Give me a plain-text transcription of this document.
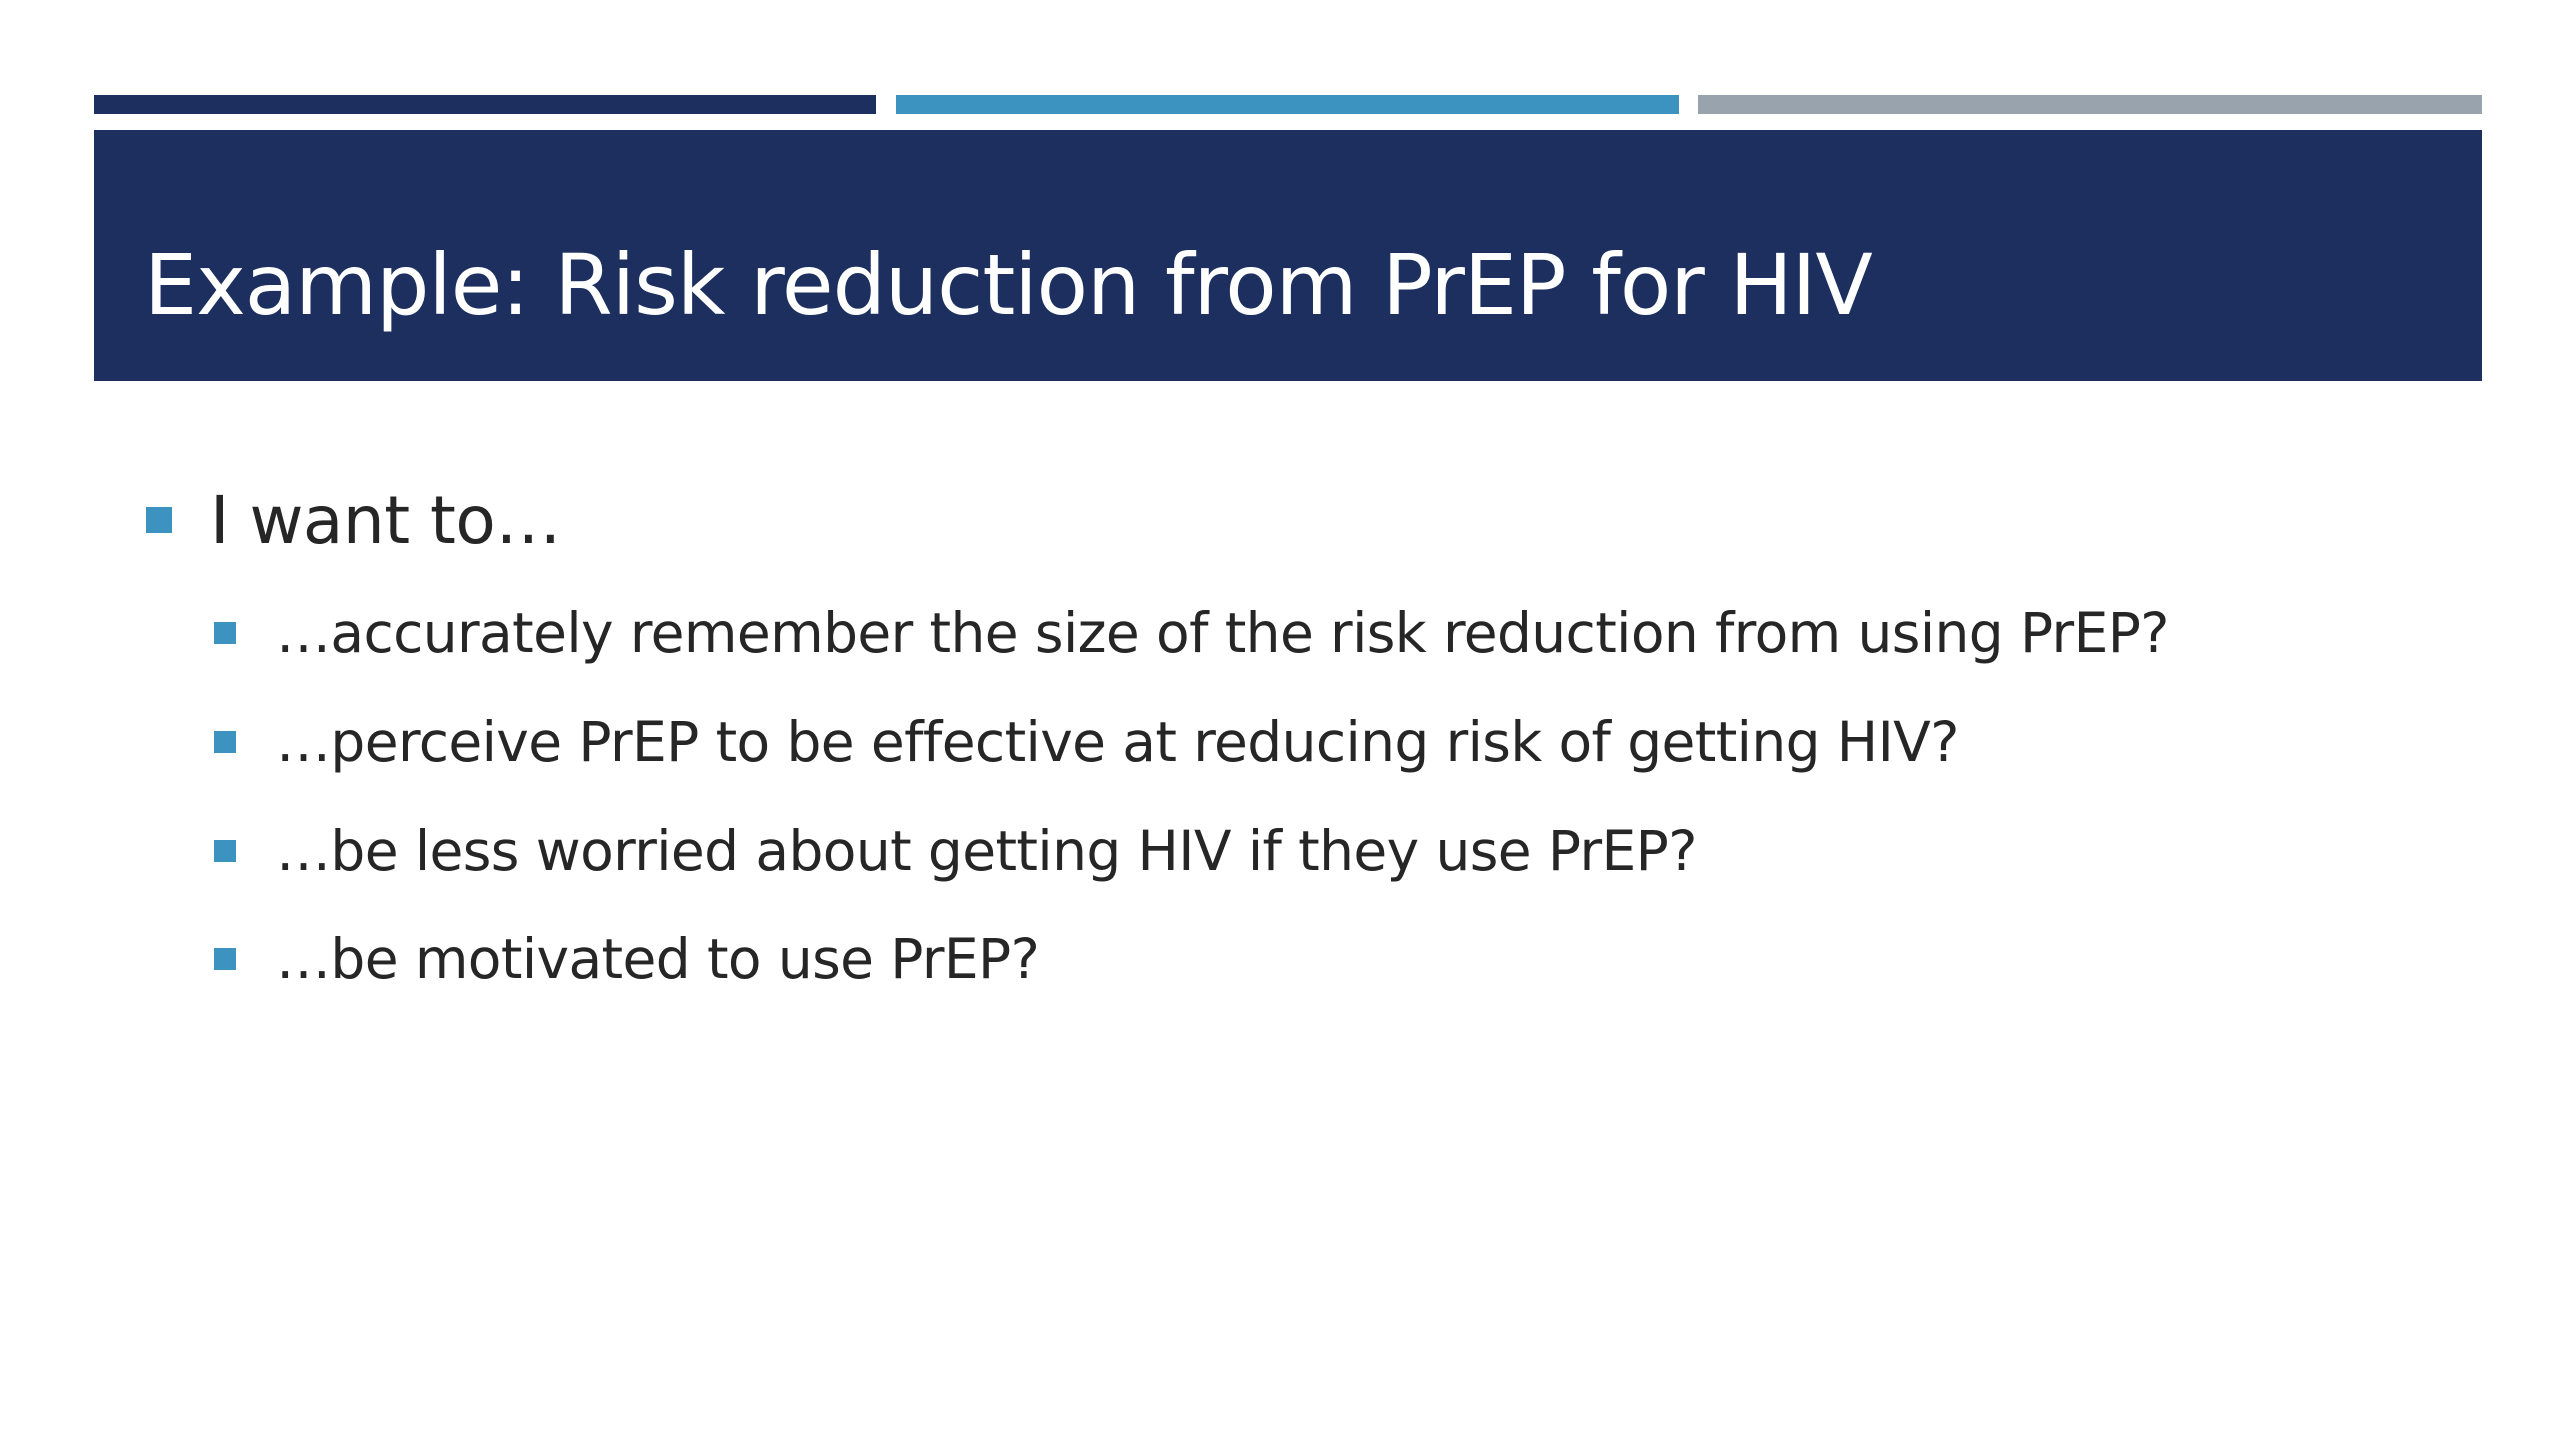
Example: Risk reduction from PrEP for HIV
I want to…
…accurately remember the size of the risk reduction from using PrEP?
…perceive PrEP to be effective at reducing risk of getting HIV?
…be less worried about getting HIV if they use PrEP?
…be motivated to use PrEP?
